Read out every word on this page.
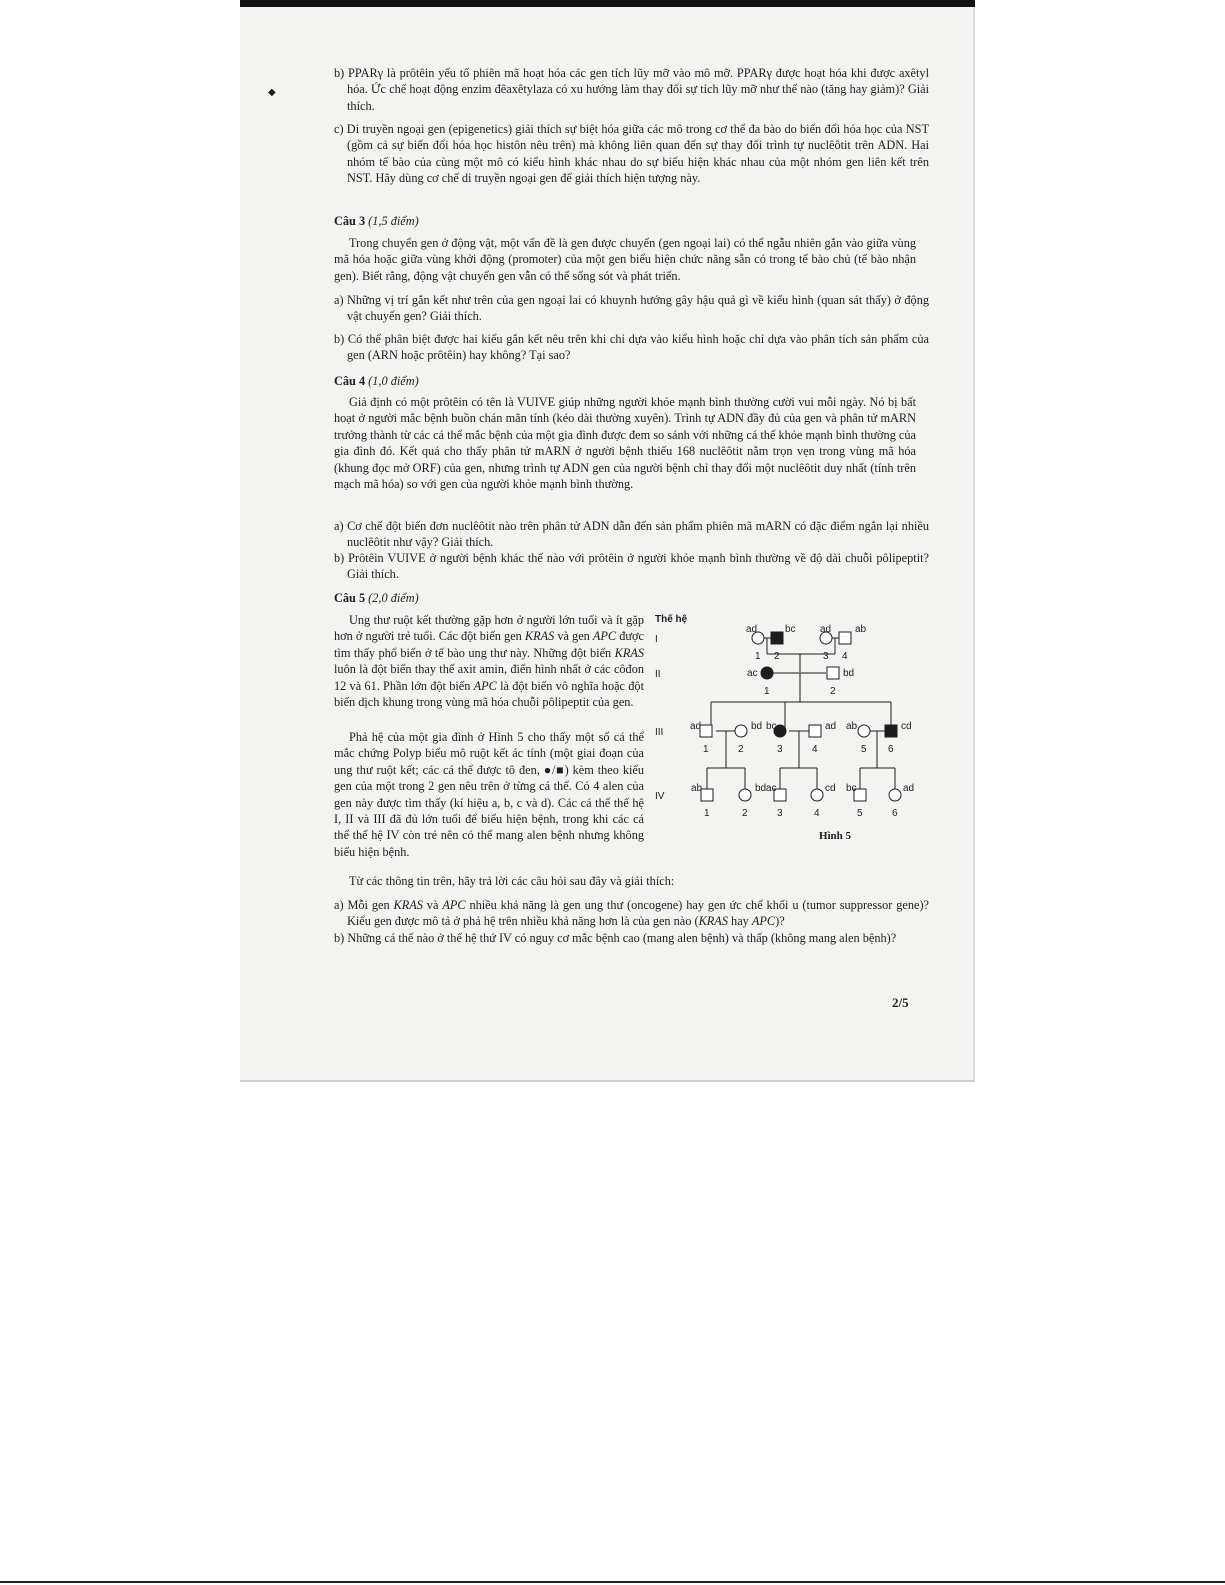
◆
b) PPARγ là prôtêin yếu tố phiên mã hoạt hóa các gen tích lũy mỡ vào mô mỡ. PPARγ được hoạt hóa khi được axêtyl hóa. Ức chế hoạt động enzim đêaxêtylaza có xu hướng làm thay đổi sự tích lũy mỡ như thế nào (tăng hay giảm)? Giải thích.
c) Di truyền ngoại gen (epigenetics) giải thích sự biệt hóa giữa các mô trong cơ thể đa bào do biến đổi hóa học của NST (gồm cả sự biến đổi hóa học histôn nêu trên) mà không liên quan đến sự thay đổi trình tự nuclêôtit trên ADN. Hai nhóm tế bào của cùng một mô có kiểu hình khác nhau do sự biểu hiện khác nhau của một nhóm gen liên kết trên NST. Hãy dùng cơ chế di truyền ngoại gen để giải thích hiện tượng này.
Câu 3 (1,5 điểm)
Trong chuyển gen ở động vật, một vấn đề là gen được chuyển (gen ngoại lai) có thể ngẫu nhiên gắn vào giữa vùng mã hóa hoặc giữa vùng khởi động (promoter) của một gen biểu hiện chức năng sẵn có trong tế bào chủ (tế bào nhận gen). Biết rằng, động vật chuyển gen vẫn có thể sống sót và phát triển.
a) Những vị trí gắn kết như trên của gen ngoại lai có khuynh hướng gây hậu quả gì về kiểu hình (quan sát thấy) ở động vật chuyển gen? Giải thích.
b) Có thể phân biệt được hai kiểu gắn kết nêu trên khi chỉ dựa vào kiểu hình hoặc chỉ dựa vào phân tích sản phẩm của gen (ARN hoặc prôtêin) hay không? Tại sao?
Câu 4 (1,0 điểm)
Giả định có một prôtêin có tên là VUIVE giúp những người khỏe mạnh bình thường cười vui mỗi ngày. Nó bị bất hoạt ở người mắc bệnh buồn chán mãn tính (kéo dài thường xuyên). Trình tự ADN đầy đủ của gen và phân tử mARN trưởng thành từ các cá thể mắc bệnh của một gia đình được đem so sánh với những cá thể khỏe mạnh bình thường của gia đình đó. Kết quả cho thấy phân tử mARN ở người bệnh thiếu 168 nuclêôtit nằm trọn vẹn trong vùng mã hóa (khung đọc mở ORF) của gen, nhưng trình tự ADN gen của người bệnh chỉ thay đổi một nuclêôtit duy nhất (tính trên mạch mã hóa) so với gen của người khỏe mạnh bình thường.
a) Cơ chế đột biến đơn nuclêôtit nào trên phân tử ADN dẫn đến sản phẩm phiên mã mARN có đặc điểm ngắn lại nhiều nuclêôtit như vậy? Giải thích.
b) Prôtêin VUIVE ở người bệnh khác thế nào với prôtêin ở người khỏe mạnh bình thường về độ dài chuỗi pôlipeptit? Giải thích.
Câu 5 (2,0 điểm)
Ung thư ruột kết thường gặp hơn ở người lớn tuổi và ít gặp hơn ở người trẻ tuổi. Các đột biến gen KRAS và gen APC được tìm thấy phổ biến ở tế bào ung thư này. Những đột biến KRAS luôn là đột biến thay thế axit amin, điển hình nhất ở các côđon 12 và 61. Phần lớn đột biến APC là đột biến vô nghĩa hoặc đột biến dịch khung trong vùng mã hóa chuỗi pôlipeptit của gen.
Phả hệ của một gia đình ở Hình 5 cho thấy một số cá thể mắc chứng Polyp biểu mô ruột kết ác tính (một giai đoạn của ung thư ruột kết; các cá thể được tô đen, ●/■) kèm theo kiểu gen của một trong 2 gen nêu trên ở từng cá thể. Có 4 alen của gen này được tìm thấy (kí hiệu a, b, c và d). Các cá thể thế hệ I, II và III đã đủ lớn tuổi để biểu hiện bệnh, trong khi các cá thể thế hệ IV còn trẻ nên có thể mang alen bệnh nhưng không biểu hiện bệnh.
Từ các thông tin trên, hãy trả lời các câu hỏi sau đây và giải thích:
a) Mỗi gen KRAS và APC nhiều khả năng là gen ung thư (oncogene) hay gen ức chế khối u (tumor suppressor gene)? Kiểu gen được mô tả ở phả hệ trên nhiều khả năng hơn là của gen nào (KRAS hay APC)?
b) Những cá thể nào ở thế hệ thứ IV có nguy cơ mắc bệnh cao (mang alen bệnh) và thấp (không mang alen bệnh)?
Thế hệ
I
II
III
IV
ad
1
bc
2
ad
3
ab
4
ac
1
bd
2
ad
1
bd
2
bc
3
ad
4
ab
5
cd
6
ab
1
bd
2
ac
3
cd
4
bc
5
ad
6
Hình 5
2/5
